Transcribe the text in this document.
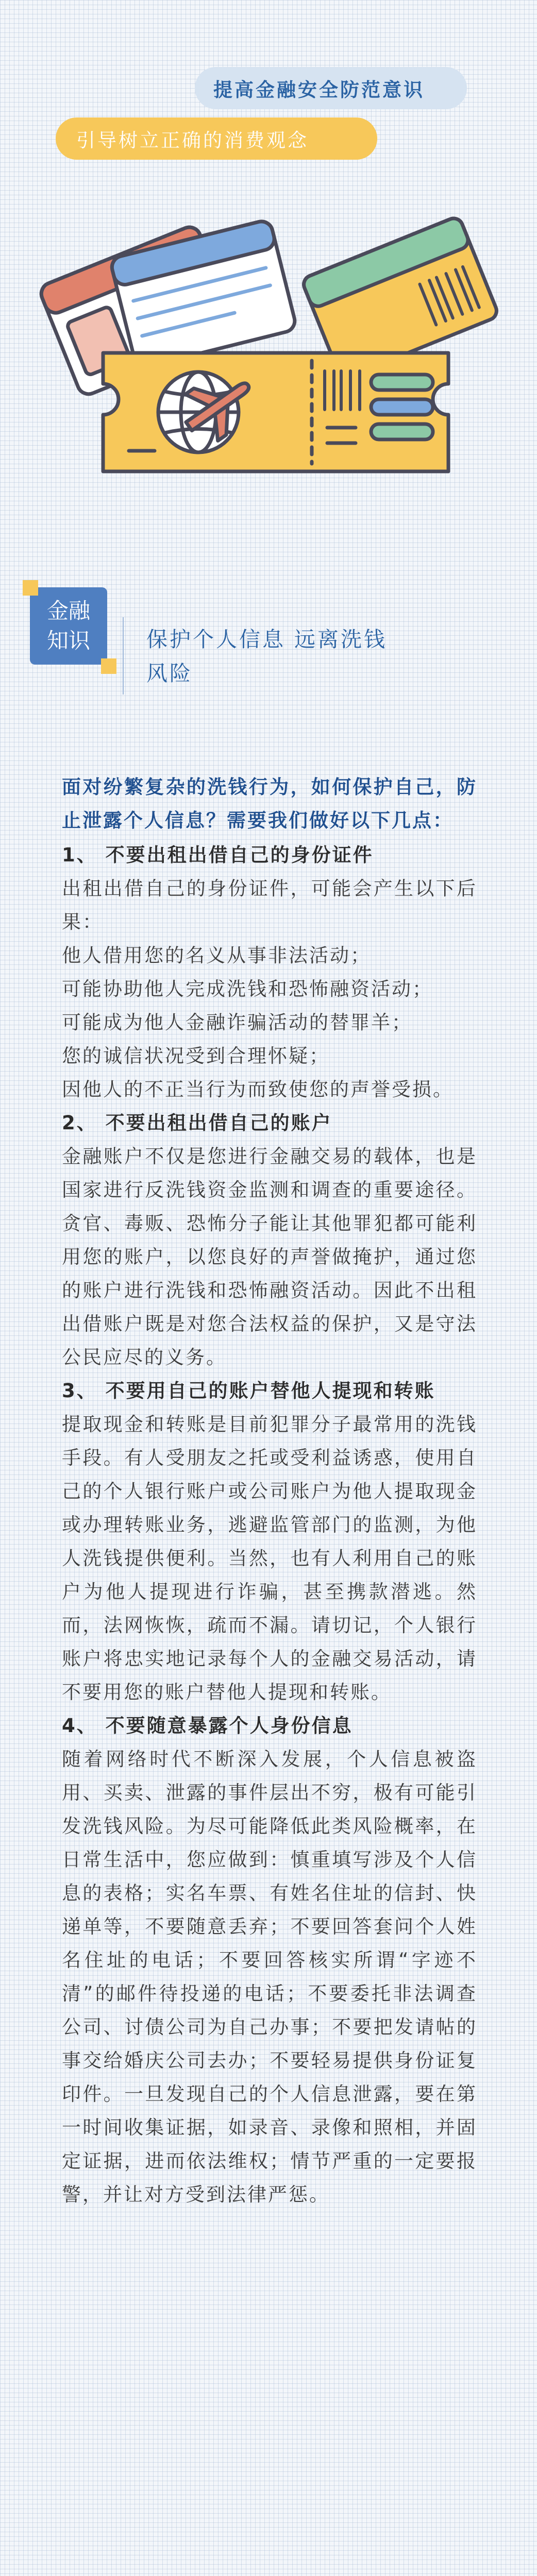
提高金融安全防范意识
引导树立正确的消费观念
金融
知识	保护个人信息 远离洗钱
风险

面对纷繁复杂的洗钱行为，如何保护自己，防止泄露个人信息？需要我们做好以下几点：

1、 不要出租出借自己的身份证件

出租出借自己的身份证件，可能会产生以下后果：

他人借用您的名义从事非法活动；

可能协助他人完成洗钱和恐怖融资活动；

可能成为他人金融诈骗活动的替罪羊；

您的诚信状况受到合理怀疑；

因他人的不正当行为而致使您的声誉受损。

2、 不要出租出借自己的账户

金融账户不仅是您进行金融交易的载体，也是国家进行反洗钱资金监测和调查的重要途径。贪官、毒贩、恐怖分子能让其他罪犯都可能利用您的账户，以您良好的声誉做掩护，通过您的账户进行洗钱和恐怖融资活动。因此不出租出借账户既是对您合法权益的保护，又是守法公民应尽的义务。

3、 不要用自己的账户替他人提现和转账

提取现金和转账是目前犯罪分子最常用的洗钱手段。有人受朋友之托或受利益诱惑，使用自己的个人银行账户或公司账户为他人提取现金或办理转账业务，逃避监管部门的监测，为他人洗钱提供便利。当然，也有人利用自己的账户为他人提现进行诈骗，甚至携款潜逃。然而，法网恢恢，疏而不漏。请切记，个人银行账户将忠实地记录每个人的金融交易活动，请不要用您的账户替他人提现和转账。

4、 不要随意暴露个人身份信息

随着网络时代不断深入发展，个人信息被盗用、买卖、泄露的事件层出不穷，极有可能引发洗钱风险。为尽可能降低此类风险概率，在日常生活中，您应做到：慎重填写涉及个人信息的表格；实名车票、有姓名住址的信封、快递单等，不要随意丢弃；不要回答套问个人姓名住址的电话；不要回答核实所谓“字迹不清”的邮件待投递的电话；不要委托非法调查公司、讨债公司为自己办事；不要把发请帖的事交给婚庆公司去办；不要轻易提供身份证复印件。一旦发现自己的个人信息泄露，要在第一时间收集证据，如录音、录像和照相，并固定证据，进而依法维权；情节严重的一定要报警，并让对方受到法律严惩。
